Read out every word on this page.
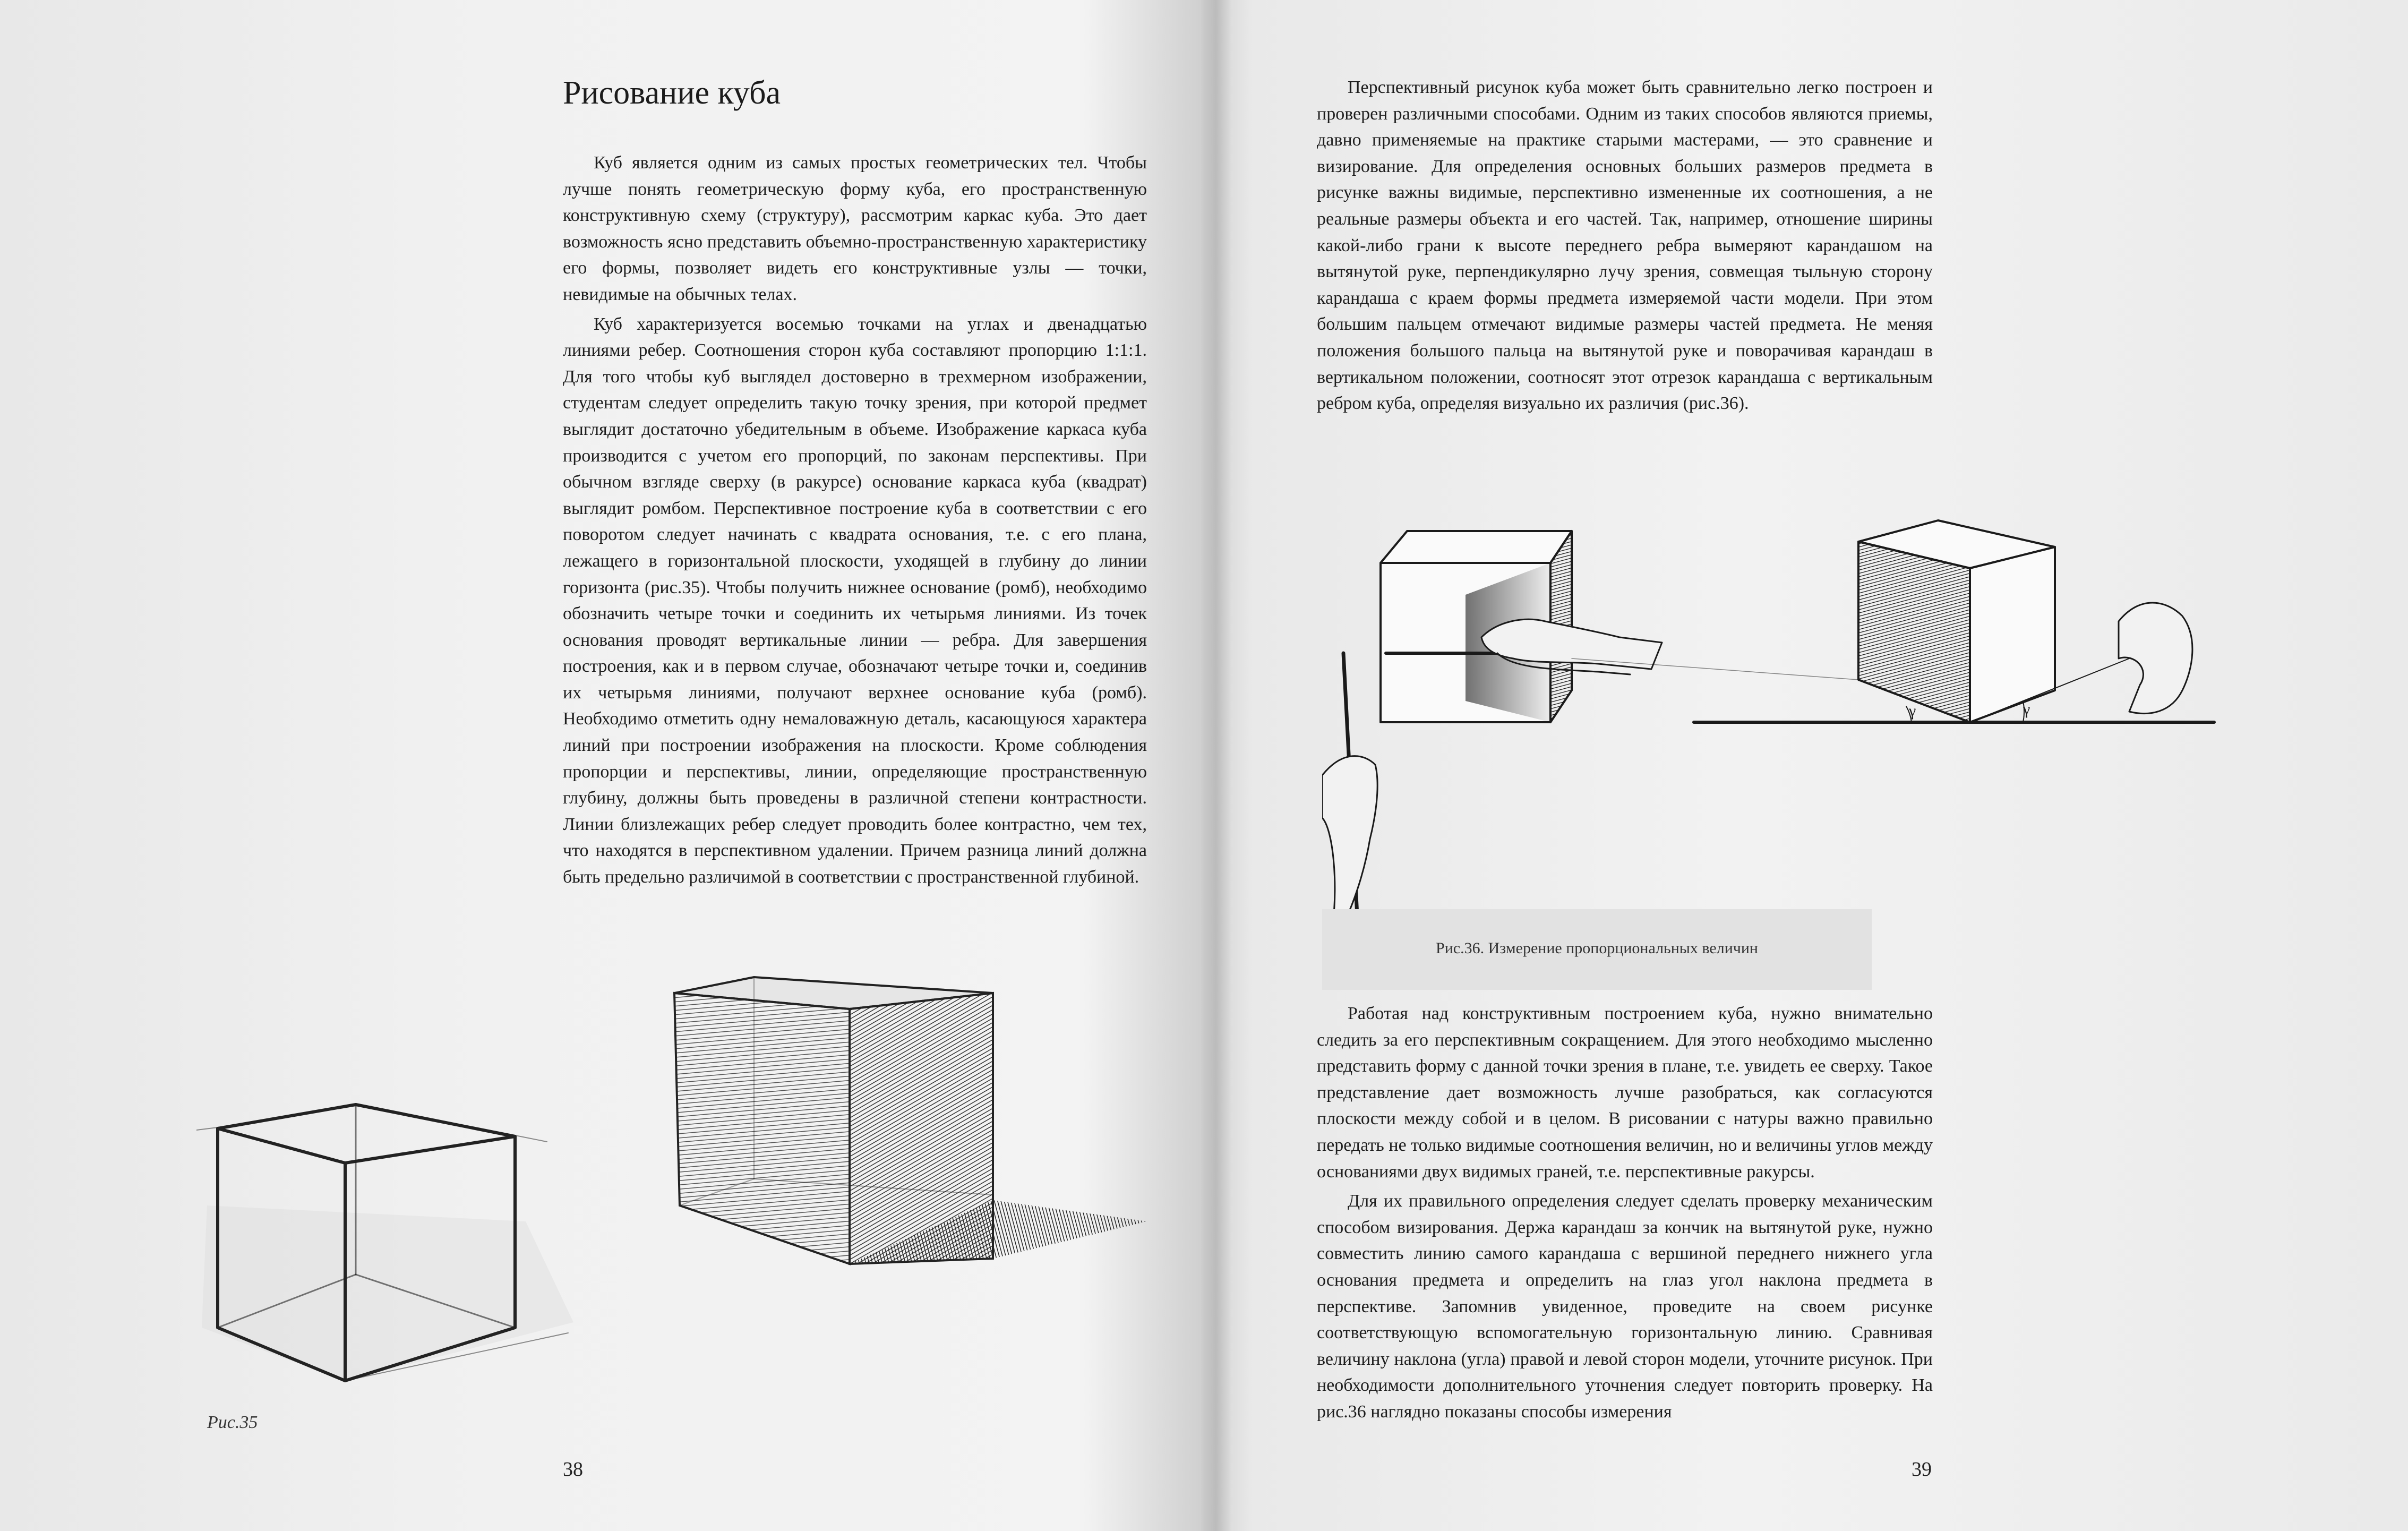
Рисование куба

Куб является одним из самых простых геометрических тел. Чтобы лучше понять геометрическую форму куба, его пространственную конструктивную схему (структуру), рассмотрим каркас куба. Это дает возможность ясно представить объемно-пространственную характеристику его формы, позволяет видеть его конструктивные узлы — точки, невидимые на обычных телах.

Куб характеризуется восемью точками на углах и двенадцатью линиями ребер. Соотношения сторон куба составляют пропорцию 1:1:1. Для того чтобы куб выглядел достоверно в трехмерном изображении, студентам следует определить такую точку зрения, при которой предмет выглядит достаточно убедительным в объеме. Изображение каркаса куба производится с учетом его пропорций, по законам перспективы. При обычном взгляде сверху (в ракурсе) основание каркаса куба (квадрат) выглядит ромбом. Перспективное построение куба в соответствии с его поворотом следует начинать с квадрата основания, т.е. с его плана, лежащего в горизонтальной плоскости, уходящей в глубину до линии горизонта (рис.35). Чтобы получить нижнее основание (ромб), необходимо обозначить четыре точки и соединить их четырьмя линиями. Из точек основания проводят вертикальные линии — ребра. Для завершения построения, как и в первом случае, обозначают четыре точки и, соединив их четырьмя линиями, получают верхнее основание куба (ромб). Необходимо отметить одну немаловажную деталь, касающуюся характера линий при построении изображения на плоскости. Кроме соблюдения пропорции и перспективы, линии, определяющие пространственную глубину, должны быть проведены в различной степени контрастности. Линии близлежащих ребер следует проводить более контрастно, чем тех, что находятся в перспективном удалении. Причем разница линий должна быть предельно различимой в соответствии с пространственной глубиной.

Рис.35
38

Перспективный рисунок куба может быть сравнительно легко построен и проверен различными способами. Одним из таких способов являются приемы, давно применяемые на практике старыми мастерами, — это сравнение и визирование. Для определения основных больших размеров предмета в рисунке важны видимые, перспективно измененные их соотношения, а не реальные размеры объекта и его частей. Так, например, отношение ширины какой-либо грани к высоте переднего ребра вымеряют карандашом на вытянутой руке, перпендикулярно лучу зрения, совмещая тыльную сторону карандаша с краем формы предмета измеряемой части модели. При этом большим пальцем отмечают видимые размеры частей предмета. Не меняя положения большого пальца на вытянутой руке и поворачивая карандаш в вертикальном положении, соотносят этот отрезок карандаша с вертикальным ребром куба, определяя визуально их различия (рис.36).

γ	γ
Рис.36. Измерение пропорциональных величин

Работая над конструктивным построением куба, нужно внимательно следить за его перспективным сокращением. Для этого необходимо мысленно представить форму с данной точки зрения в плане, т.е. увидеть ее сверху. Такое представление дает возможность лучше разобраться, как согласуются плоскости между собой и в целом. В рисовании с натуры важно правильно передать не только видимые соотношения величин, но и величины углов между основаниями двух видимых граней, т.е. перспективные ракурсы.

Для их правильного определения следует сделать проверку механическим способом визирования. Держа карандаш за кончик на вытянутой руке, нужно совместить линию самого карандаша с вершиной переднего нижнего угла основания предмета и определить на глаз угол наклона предмета в перспективе. Запомнив увиденное, проведите на своем рисунке соответствующую вспомогательную горизонтальную линию. Сравнивая величину наклона (угла) правой и левой сторон модели, уточните рисунок. При необходимости дополнительного уточнения следует повторить проверку. На рис.36 наглядно показаны способы измерения

39
